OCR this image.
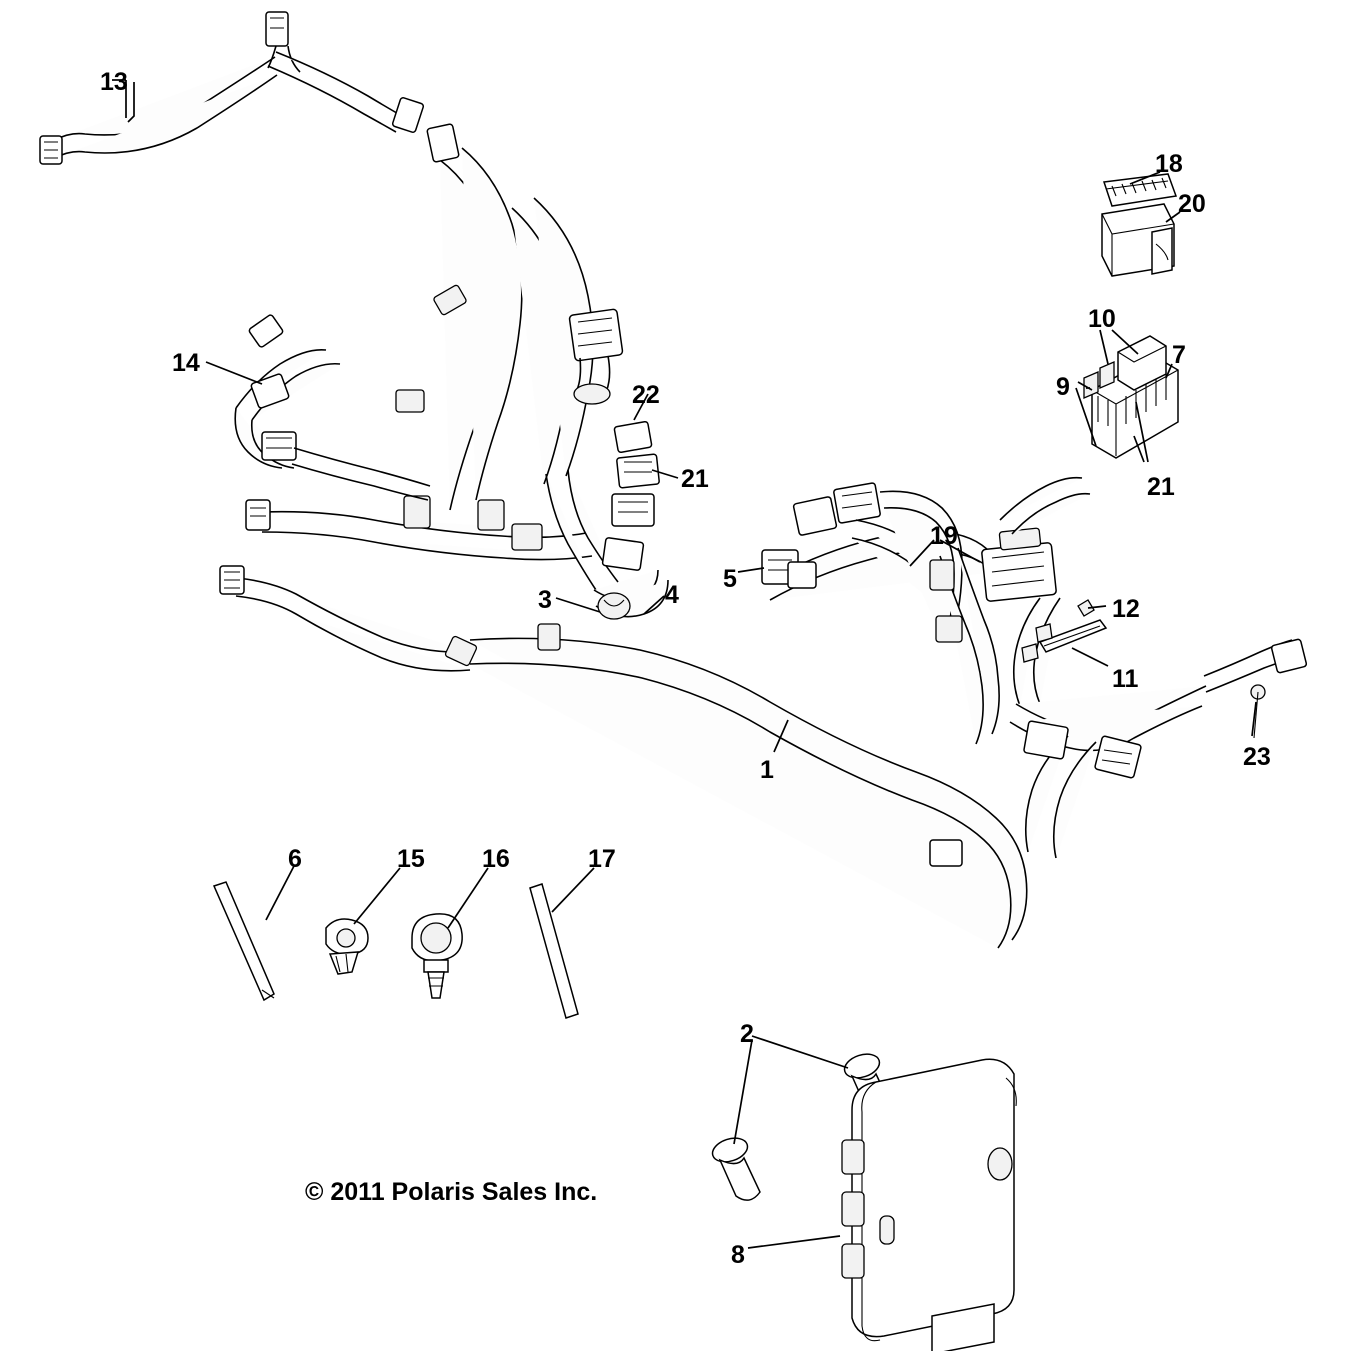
13
18
20
14
10
7
9
22
21
21
19
5
3	4	12
11
23
1
6	15 16	17
2
8
© 2011 Polaris Sales Inc.
